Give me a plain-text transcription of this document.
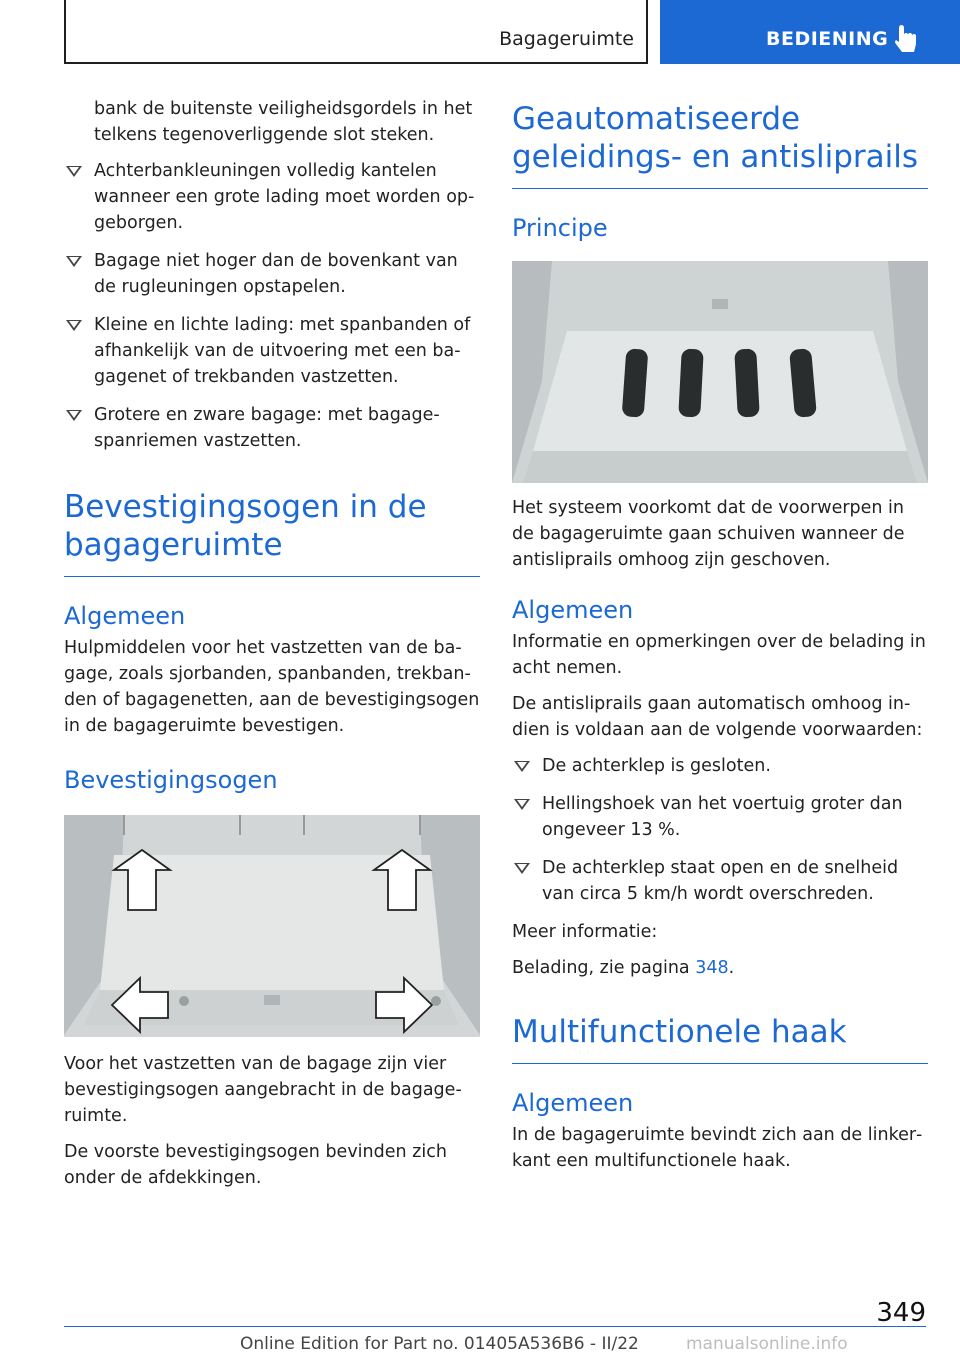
Bagageruimte	BEDIENING

bank de buitenste veiligheidsgordels in het telkens tegenoverliggende slot steken.

Achterbankleuningen volledig kantelen wanneer een grote lading moet worden opgeborgen.
Bagage niet hoger dan de bovenkant van de rugleuningen opstapelen.
Kleine en lichte lading: met spanbanden of afhankelijk van de uitvoering met een bagagenet of trekbanden vastzetten.
Grotere en zware bagage: met bagagespanriemen vastzetten.
Bevestigingsogen in de bagageruimte
Algemeen

Hulpmiddelen voor het vastzetten van de bagage, zoals sjorbanden, spanbanden, trekbanden of bagagenetten, aan de bevestigingsogen in de bagageruimte bevestigen.

Bevestigingsogen

Voor het vastzetten van de bagage zijn vier bevestigingsogen aangebracht in de bagageruimte.

De voorste bevestigingsogen bevinden zich onder de afdekkingen.

Geautomatiseerde geleidings- en antisliprails
Principe

Het systeem voorkomt dat de voorwerpen in de bagageruimte gaan schuiven wanneer de antisliprails omhoog zijn geschoven.

Algemeen

Informatie en opmerkingen over de belading in acht nemen.

De antisliprails gaan automatisch omhoog indien is voldaan aan de volgende voorwaarden:

De achterklep is gesloten.
Hellingshoek van het voertuig groter dan ongeveer 13 %.
De achterklep staat open en de snelheid van circa 5 km/h wordt overschreden.

Meer informatie:

Belading, zie pagina 348.

Multifunctionele haak
Algemeen

In de bagageruimte bevindt zich aan de linkerkant een multifunctionele haak.

349
Online Edition for Part no. 01405A536B6 - II/22	manualsonline.info
